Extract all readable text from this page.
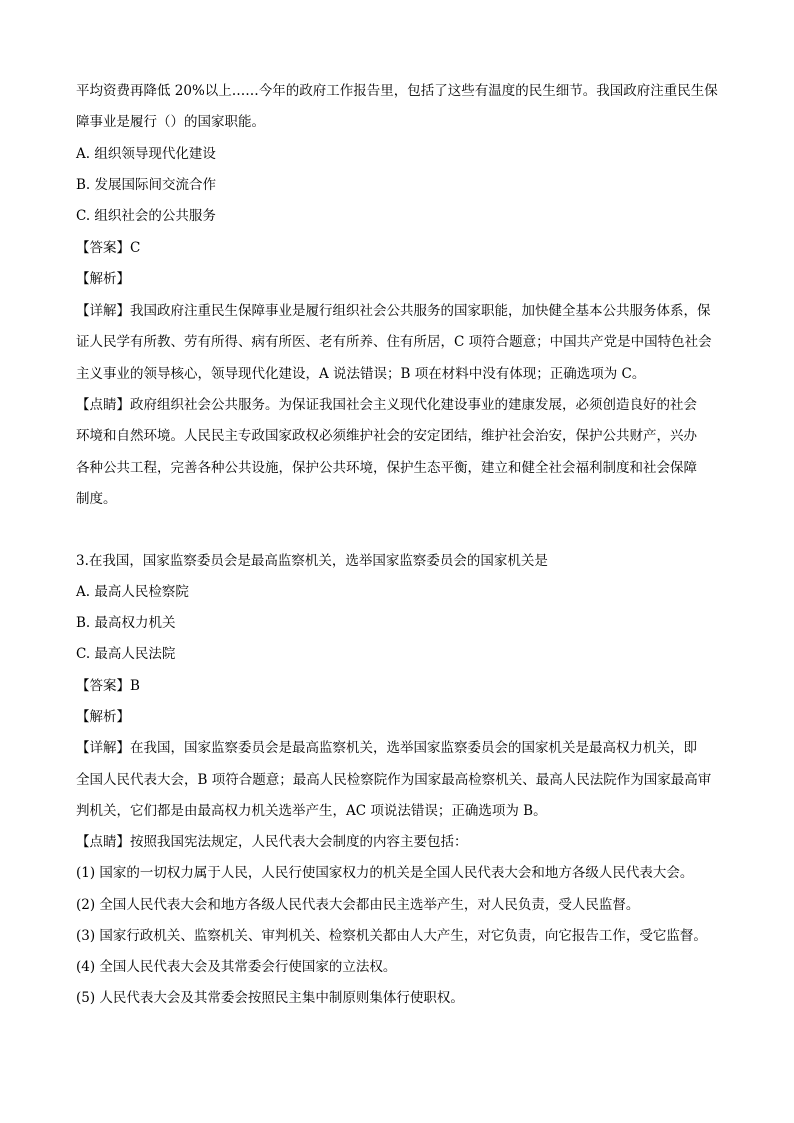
平均资费再降低 20%以上……今年的政府工作报告里，包括了这些有温度的民生细节。我国政府注重民生保
障事业是履行（）的国家职能。
A. 组织领导现代化建设
B. 发展国际间交流合作
C. 组织社会的公共服务
【答案】C
【解析】
【详解】我国政府注重民生保障事业是履行组织社会公共服务的国家职能，加快健全基本公共服务体系，保
证人民学有所教、劳有所得、病有所医、老有所养、住有所居，C 项符合题意；中国共产党是中国特色社会
主义事业的领导核心，领导现代化建设，A 说法错误；B 项在材料中没有体现；正确选项为 C。
【点睛】政府组织社会公共服务。为保证我国社会主义现代化建设事业的建康发展，必须创造良好的社会
环境和自然环境。人民民主专政国家政权必须维护社会的安定团结，维护社会治安，保护公共财产，兴办
各种公共工程，完善各种公共设施，保护公共环境，保护生态平衡，建立和健全社会福利制度和社会保障
制度。
3.在我国，国家监察委员会是最高监察机关，选举国家监察委员会的国家机关是
A. 最高人民检察院
B. 最高权力机关
C. 最高人民法院
【答案】B
【解析】
【详解】在我国，国家监察委员会是最高监察机关，选举国家监察委员会的国家机关是最高权力机关，即
全国人民代表大会，B 项符合题意；最高人民检察院作为国家最高检察机关、最高人民法院作为国家最高审
判机关，它们都是由最高权力机关选举产生，AC 项说法错误；正确选项为 B。
【点睛】按照我国宪法规定，人民代表大会制度的内容主要包括：
(1) 国家的一切权力属于人民，人民行使国家权力的机关是全国人民代表大会和地方各级人民代表大会。
(2) 全国人民代表大会和地方各级人民代表大会都由民主选举产生，对人民负责，受人民监督。
(3) 国家行政机关、监察机关、审判机关、检察机关都由人大产生，对它负责，向它报告工作，受它监督。
(4) 全国人民代表大会及其常委会行使国家的立法权。
(5) 人民代表大会及其常委会按照民主集中制原则集体行使职权。
